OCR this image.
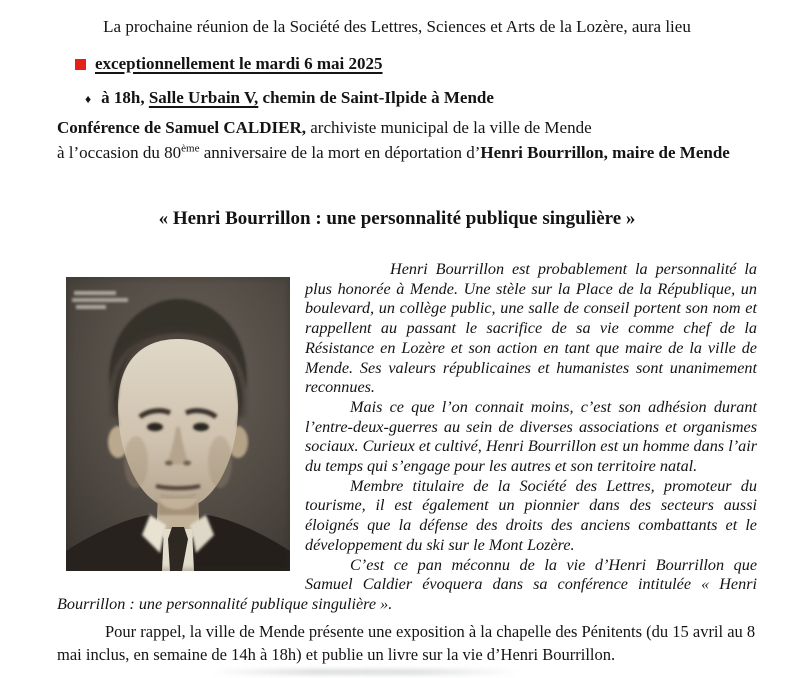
La prochaine réunion de la Société des Lettres, Sciences et Arts de la Lozère, aura lieu
exceptionnellement le mardi 6 mai 2025
♦ à 18h, Salle Urbain V, chemin de Saint-Ilpide à Mende

Conférence de Samuel CALDIER, archiviste municipal de la ville de Mende

à l’occasion du 80ème anniversaire de la mort en déportation d’Henri Bourrillon, maire de Mende

« Henri Bourrillon : une personnalité publique singulière »

Henri Bourrillon est probablement la personnalité la plus honorée à Mende. Une stèle sur la Place de la République, un boulevard, un collège public, une salle de conseil portent son nom et rappellent au passant le sacrifice de sa vie comme chef de la Résistance en Lozère et son action en tant que maire de la ville de Mende. Ses valeurs républicaines et humanistes sont unanimement reconnues.

Mais ce que l’on connait moins, c’est son adhésion durant l’entre-deux-guerres au sein de diverses associations et organismes sociaux. Curieux et cultivé, Henri Bourrillon est un homme dans l’air du temps qui s’engage pour les autres et son territoire natal.

Membre titulaire de la Société des Lettres, promoteur du tourisme, il est également un pionnier dans des secteurs aussi éloignés que la défense des droits des anciens combattants et le développement du ski sur le Mont Lozère.

C’est ce pan méconnu de la vie d’Henri Bourrillon que Samuel Caldier évoquera dans sa conférence intitulée « Henri Bourrillon : une personnalité publique singulière ».

Pour rappel, la ville de Mende présente une exposition à la chapelle des Pénitents (du 15 avril au 8 mai inclus, en semaine de 14h à 18h) et publie un livre sur la vie d’Henri Bourrillon.
